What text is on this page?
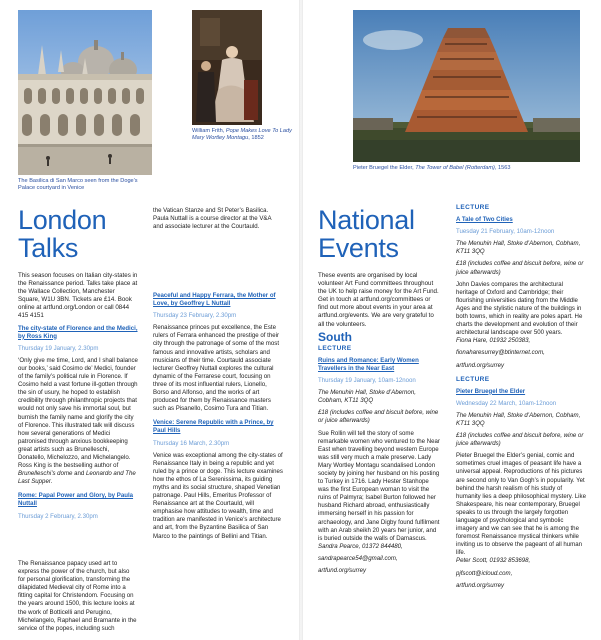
The Basilica di San Marco seen from the Doge’s Palace courtyard in Venice
William Frith, Pope Makes Love To Lady Mary Wortley Montagu, 1852
Pieter Bruegel the Elder, The Tower of Babel (Rotterdam), 1563
London
Talks

This season focuses on Italian city-states in the Renaissance period. Talks take place at the Wallace Collection, Manchester Square, W1U 3BN. Tickets are £14. Book online at artfund.org/London or call 0844 415 4151

The city-state of Florence and the Medici, by Ross King

Thursday 19 January, 2.30pm

‘Only give me time, Lord, and I shall balance our books,’ said Cosimo de’ Medici, founder of the family’s political rule in Florence. If Cosimo held a vast fortune ill-gotten through the sin of usury, he hoped to establish credibility through philanthropic projects that would not only save his immortal soul, but burnish the family name and glorify the city of Florence. This illustrated talk will discuss how several generations of Medici patronised through anxious bookkeeping great artists such as Brunelleschi, Donatello, Michelozzo, and Michelangelo. Ross King is the bestselling author of Brunelleschi’s dome and Leonardo and The Last Supper.

Rome: Papal Power and Glory, by Paula Nuttall

Thursday 2 February, 2.30pm

The Renaissance papacy used art to express the power of the church, but also for personal glorification, transforming the dilapidated Medieval city of Rome into a fitting capital for Christendom. Focusing on the years around 1500, this lecture looks at the work of Botticelli and Perugino, Michelangelo, Raphael and Bramante in the service of the popes, including such

Peaceful and Happy Ferrara, the Mother of Love, by Geoffrey L Nuttall

Thursday 23 February, 2.30pm

Renaissance princes put excellence, the Este rulers of Ferrara enhanced the prestige of their city through the patronage of some of the most famous and innovative artists, scholars and musicians of their time. Courtauld associate lecturer Geoffrey Nuttall explores the cultural dynamic of the Ferrarese court, focusing on three of its most influential rulers, Lionello, Borso and Alfonso, and the works of art produced for them by Renaissance masters such as Pisanello, Cosimo Tura and Titian.

Venice: Serene Republic with a Prince, by Paul Hills

Thursday 16 March, 2.30pm

Venice was exceptional among the city-states of Renaissance Italy in being a republic and yet ruled by a prince or doge. This lecture examines how the ethos of La Serenissima, its guiding myths and its social structure, shaped Venetian patronage. Paul Hills, Emeritus Professor of Renaissance art at the Courtauld, will emphasise how attitudes to wealth, time and tradition are manifested in Venice’s architecture and art, from the Byzantine Basilica of San Marco to the paintings of Bellini and Titian.

the Vatican Stanze and St Peter’s Basilica. Paula Nuttall is a course director at the V&A and associate lecturer at the Courtauld.	National
Events

These events are organised by local volunteer Art Fund committees throughout the UK to help raise money for the Art Fund. Get in touch at artfund.org/committees or find out more about events in your area at artfund.org/events. We are very grateful to all the volunteers.

South

LECTURE

Ruins and Romance: Early Women Travellers in the Near East

Thursday 19 January, 10am-12noon

The Menuhin Hall, Stoke d’Abernon, Cobham, KT11 3QQ

£18 (includes coffee and biscuit before, wine or juice afterwards)

Sue Rollin will tell the story of some remarkable women who ventured to the Near East when travelling beyond western Europe was still very much a male preserve. Lady Mary Wortley Montagu scandalised London society by joining her husband on his posting to Turkey in 1716. Lady Hester Stanhope was the first European woman to visit the ruins of Palmyra; Isabel Burton followed her husband Richard abroad, enthusiastically immersing herself in his passion for archaeology, and Jane Digby found fulfilment with an Arab sheikh 20 years her junior, and is buried outside the walls of Damascus.

Sandra Pearce, 01372 844480,

sandrapearce54@gmail.com,

artfund.org/surrey

LECTURE

A Tale of Two Cities

Tuesday 21 February, 10am-12noon

The Menuhin Hall, Stoke d’Abernon, Cobham, KT11 3QQ

£18 (includes coffee and biscuit before, wine or juice afterwards)

John Davies compares the architectural heritage of Oxford and Cambridge; their flourishing universities dating from the Middle Ages and the stylistic nature of the buildings in both towns, which in reality are poles apart. He charts the development and evolution of their architectural landscape over 500 years.

Fiona Hare, 01932 250383,

fionaharesurrey@btinternet.com,

artfund.org/surrey

LECTURE

Pieter Bruegel the Elder

Wednesday 22 March, 10am-12noon

The Menuhin Hall, Stoke d’Abernon, Cobham, KT11 3QQ

£18 (includes coffee and biscuit before, wine or juice afterwards)

Pieter Bruegel the Elder’s genial, comic and sometimes cruel images of peasant life have a universal appeal. Reproductions of his pictures are second only to Van Gogh’s in popularity. Yet behind the harsh realism of his study of humanity lies a deep philosophical mystery. Like Shakespeare, his near contemporary, Bruegel speaks to us through the largely forgotten language of psychological and symbolic imagery and we can see that he is among the foremost Renaissance mystical thinkers while inviting us to observe the pageant of all human life.

Peter Scott, 01932 853698,

pjfscott@icloud.com,

artfund.org/surrey
